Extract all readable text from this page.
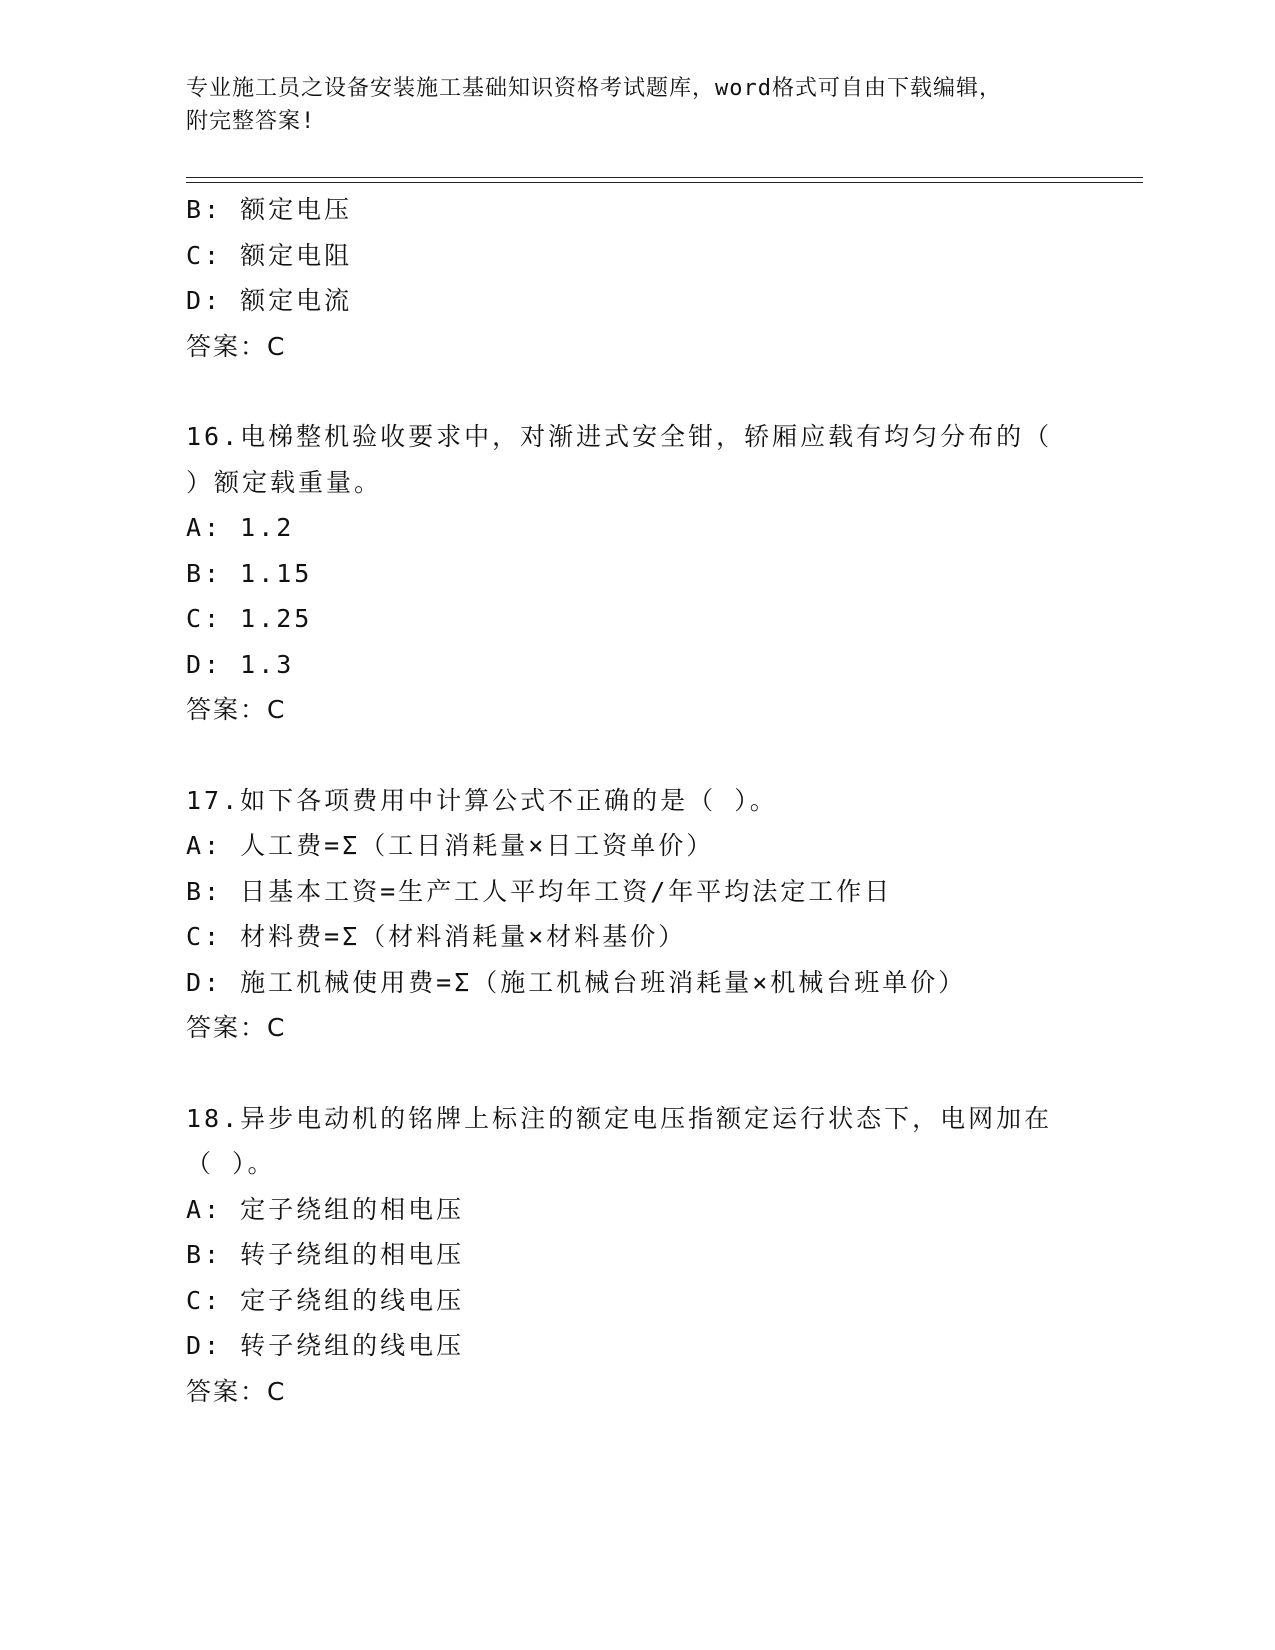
专业施工员之设备安装施工基础知识资格考试题库，word格式可自由下载编辑，
附完整答案!
B: 额定电压
C: 额定电阻
D: 额定电流
答案：C
16.电梯整机验收要求中，对渐进式安全钳，轿厢应载有均匀分布的（
）额定载重量。
A: 1.2
B: 1.15
C: 1.25
D: 1.3
答案：C
17.如下各项费用中计算公式不正确的是（ ）。
A: 人工费=Σ（工日消耗量×日工资单价）
B: 日基本工资=生产工人平均年工资/年平均法定工作日
C: 材料费=Σ（材料消耗量×材料基价）
D: 施工机械使用费=Σ（施工机械台班消耗量×机械台班单价）
答案：C
18.异步电动机的铭牌上标注的额定电压指额定运行状态下，电网加在
（ ）。
A: 定子绕组的相电压
B: 转子绕组的相电压
C: 定子绕组的线电压
D: 转子绕组的线电压
答案：C
